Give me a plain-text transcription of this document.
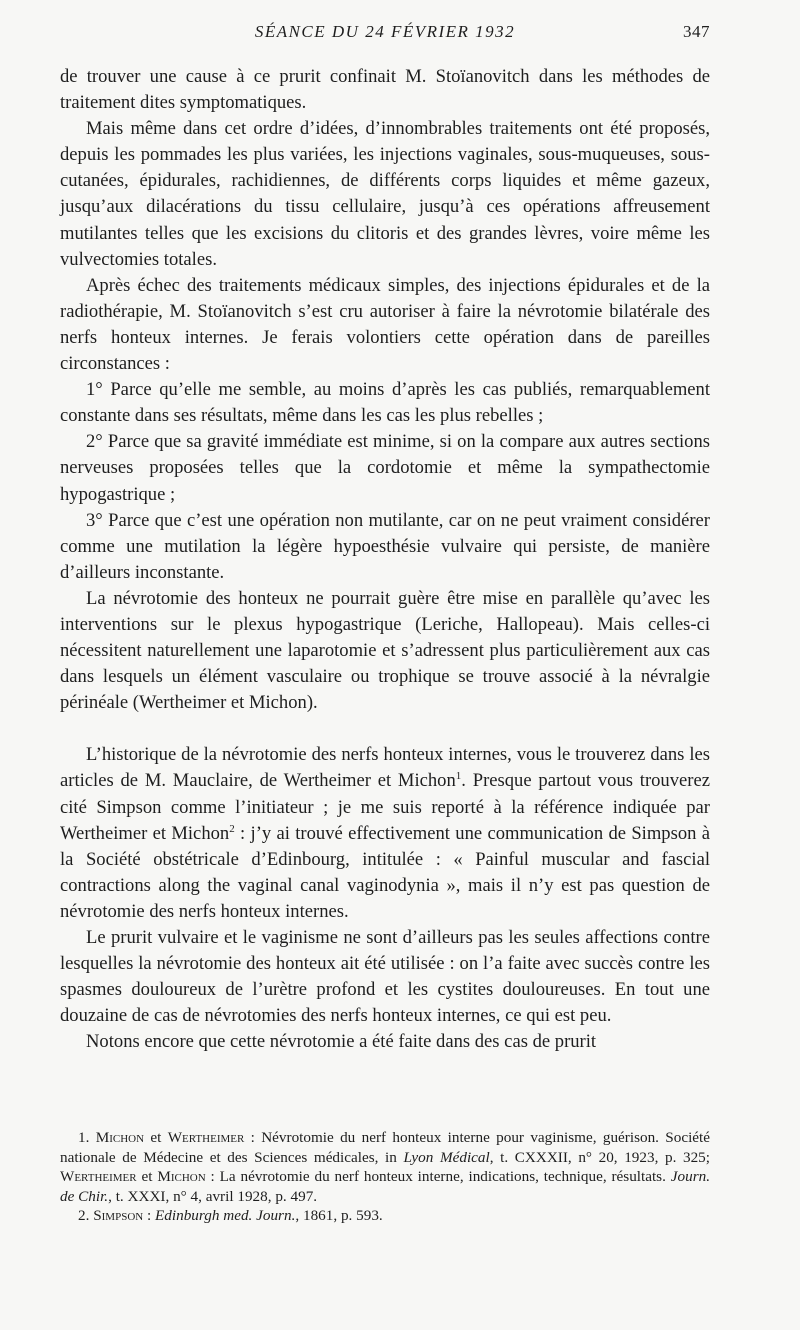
SÉANCE DU 24 FÉVRIER 1932	347

de trouver une cause à ce prurit confinait M. Stoïanovitch dans les méthodes de traitement dites symptomatiques.

Mais même dans cet ordre d’idées, d’innombrables traitements ont été proposés, depuis les pommades les plus variées, les injections vaginales, sous-muqueuses, sous-cutanées, épidurales, rachidiennes, de différents corps liquides et même gazeux, jusqu’aux dilacérations du tissu cellulaire, jusqu’à ces opérations affreusement mutilantes telles que les excisions du clitoris et des grandes lèvres, voire même les vulvectomies totales.

Après échec des traitements médicaux simples, des injections épidurales et de la radiothérapie, M. Stoïanovitch s’est cru autoriser à faire la névrotomie bilatérale des nerfs honteux internes. Je ferais volontiers cette opération dans de pareilles circonstances :

1° Parce qu’elle me semble, au moins d’après les cas publiés, remarquablement constante dans ses résultats, même dans les cas les plus rebelles ;

2° Parce que sa gravité immédiate est minime, si on la compare aux autres sections nerveuses proposées telles que la cordotomie et même la sympathectomie hypogastrique ;

3° Parce que c’est une opération non mutilante, car on ne peut vraiment considérer comme une mutilation la légère hypoesthésie vulvaire qui persiste, de manière d’ailleurs inconstante.

La névrotomie des honteux ne pourrait guère être mise en parallèle qu’avec les interventions sur le plexus hypogastrique (Leriche, Hallopeau). Mais celles-ci nécessitent naturellement une laparotomie et s’adressent plus particulièrement aux cas dans lesquels un élément vasculaire ou trophique se trouve associé à la névralgie périnéale (Wertheimer et Michon).

L’historique de la névrotomie des nerfs honteux internes, vous le trouverez dans les articles de M. Mauclaire, de Wertheimer et Michon$^1$. Presque partout vous trouverez cité Simpson comme l’initiateur ; je me suis reporté à la référence indiquée par Wertheimer et Michon$^2$ : j’y ai trouvé effectivement une communication de Simpson à la Société obstétricale d’Edinbourg, intitulée : « Painful muscular and fascial contractions along the vaginal canal vaginodynia », mais il n’y est pas question de névrotomie des nerfs honteux internes.

Le prurit vulvaire et le vaginisme ne sont d’ailleurs pas les seules affections contre lesquelles la névrotomie des honteux ait été utilisée : on l’a faite avec succès contre les spasmes douloureux de l’urètre profond et les cystites douloureuses. En tout une douzaine de cas de névrotomies des nerfs honteux internes, ce qui est peu.

Notons encore que cette névrotomie a été faite dans des cas de prurit

1. Michon et Wertheimer : Névrotomie du nerf honteux interne pour vaginisme, guérison. Société nationale de Médecine et des Sciences médicales, in Lyon Médical, t. CXXXII, n° 20, 1923, p. 325; Wertheimer et Michon : La névrotomie du nerf honteux interne, indications, technique, résultats. Journ. de Chir., t. XXXI, n° 4, avril 1928, p. 497.

2. Simpson : Edinburgh med. Journ., 1861, p. 593.
